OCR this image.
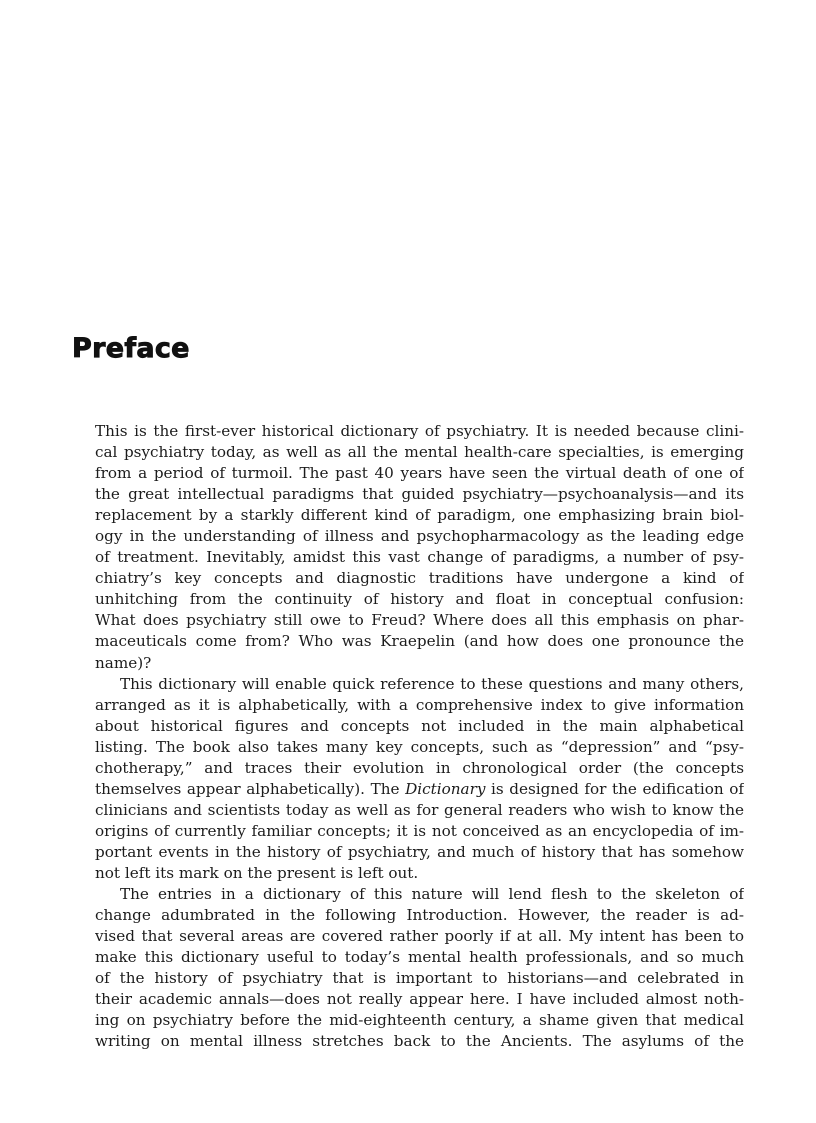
Preface

This is the first-ever historical dictionary of psychiatry. It is needed because clini-
cal psychiatry today, as well as all the mental health-care specialties, is emerging
from a period of turmoil. The past 40 years have seen the virtual death of one of
the great intellectual paradigms that guided psychiatry—psychoanalysis—and its
replacement by a starkly different kind of paradigm, one emphasizing brain biol-
ogy in the understanding of illness and psychopharmacology as the leading edge
of treatment. Inevitably, amidst this vast change of paradigms, a number of psy-
chiatry’s key concepts and diagnostic traditions have undergone a kind of
unhitching from the continuity of history and float in conceptual confusion:
What does psychiatry still owe to Freud? Where does all this emphasis on phar-
maceuticals come from? Who was Kraepelin (and how does one pronounce the
name)?

This dictionary will enable quick reference to these questions and many others,
arranged as it is alphabetically, with a comprehensive index to give information
about historical figures and concepts not included in the main alphabetical
listing. The book also takes many key concepts, such as “depression” and “psy-
chotherapy,” and traces their evolution in chronological order (the concepts
themselves appear alphabetically). The Dictionary is designed for the edification of
clinicians and scientists today as well as for general readers who wish to know the
origins of currently familiar concepts; it is not conceived as an encyclopedia of im-
portant events in the history of psychiatry, and much of history that has somehow
not left its mark on the present is left out.

The entries in a dictionary of this nature will lend flesh to the skeleton of
change adumbrated in the following Introduction. However, the reader is ad-
vised that several areas are covered rather poorly if at all. My intent has been to
make this dictionary useful to today’s mental health professionals, and so much
of the history of psychiatry that is important to historians—and celebrated in
their academic annals—does not really appear here. I have included almost noth-
ing on psychiatry before the mid-eighteenth century, a shame given that medical
writing on mental illness stretches back to the Ancients. The asylums of the
